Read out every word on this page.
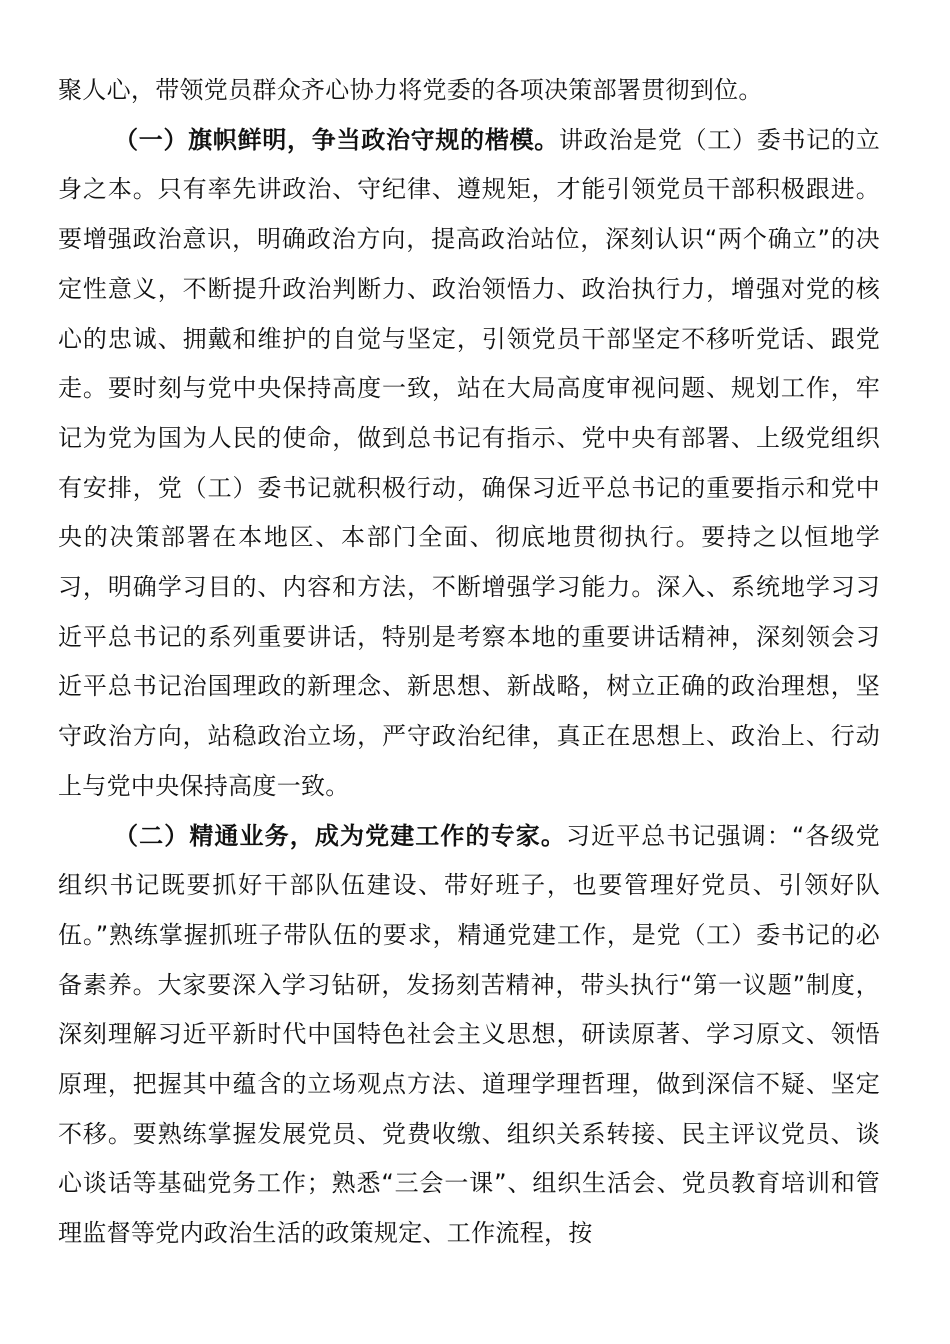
聚人心，带领党员群众齐心协力将党委的各项决策部署贯彻到位。

（一）旗帜鲜明，争当政治守规的楷模。讲政治是党（工）委书记的立身之本。只有率先讲政治、守纪律、遵规矩，才能引领党员干部积极跟进。要增强政治意识，明确政治方向，提高政治站位，深刻认识“两个确立”的决定性意义，不断提升政治判断力、政治领悟力、政治执行力，增强对党的核心的忠诚、拥戴和维护的自觉与坚定，引领党员干部坚定不移听党话、跟党走。要时刻与党中央保持高度一致，站在大局高度审视问题、规划工作，牢记为党为国为人民的使命，做到总书记有指示、党中央有部署、上级党组织有安排，党（工）委书记就积极行动，确保习近平总书记的重要指示和党中央的决策部署在本地区、本部门全面、彻底地贯彻执行。要持之以恒地学习，明确学习目的、内容和方法，不断增强学习能力。深入、系统地学习习近平总书记的系列重要讲话，特别是考察本地的重要讲话精神，深刻领会习近平总书记治国理政的新理念、新思想、新战略，树立正确的政治理想，坚守政治方向，站稳政治立场，严守政治纪律，真正在思想上、政治上、行动上与党中央保持高度一致。

（二）精通业务，成为党建工作的专家。习近平总书记强调：“各级党组织书记既要抓好干部队伍建设、带好班子，也要管理好党员、引领好队伍。”熟练掌握抓班子带队伍的要求，精通党建工作，是党（工）委书记的必备素养。大家要深入学习钻研，发扬刻苦精神，带头执行“第一议题”制度，深刻理解习近平新时代中国特色社会主义思想，研读原著、学习原文、领悟原理，把握其中蕴含的立场观点方法、道理学理哲理，做到深信不疑、坚定不移。要熟练掌握发展党员、党费收缴、组织关系转接、民主评议党员、谈心谈话等基础党务工作；熟悉“三会一课”、组织生活会、党员教育培训和管理监督等党内政治生活的政策规定、工作流程，按
